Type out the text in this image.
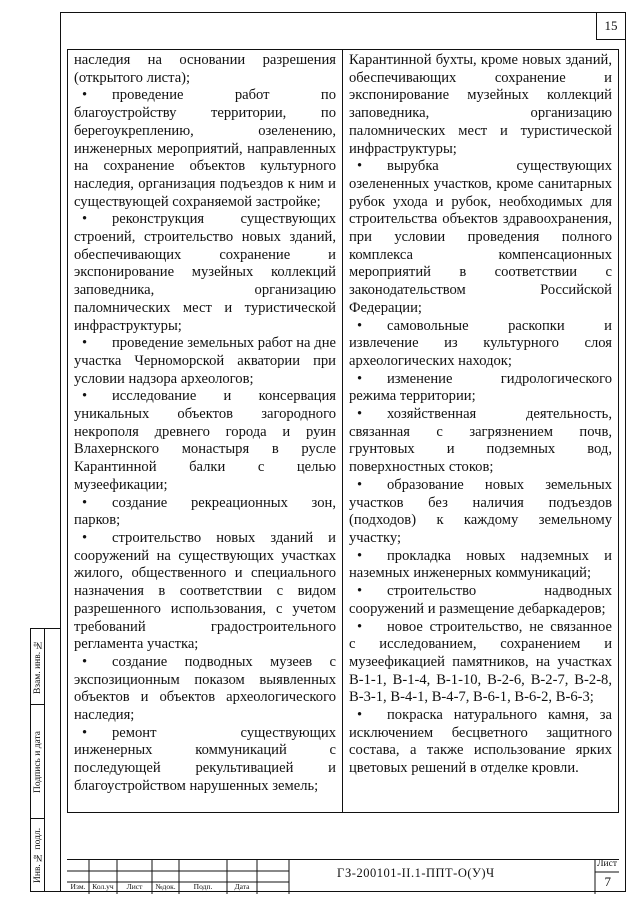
15

наследия на основании разрешения (открытого листа);

• проведение работ по благоустройству территории, по берегоукреплению, озеленению, инженерных мероприятий, направленных на сохранение объектов культурного наследия, организация подъездов к ним и существующей сохраняемой застройке;

• реконструкция существующих строений, строительство новых зданий, обеспечивающих сохранение и экспонирование музейных коллекций заповедника, организацию паломнических мест и туристической инфраструктуры;

• проведение земельных работ на дне участка Черноморской акватории при условии надзора археологов;

• исследование и консервация уникальных объектов загородного некрополя древнего города и руин Влахернского монастыря в русле Карантинной балки с целью музеефикации;

• создание рекреационных зон, парков;

• строительство новых зданий и сооружений на существующих участках жилого, общественного и специального назначения в соответствии с видом разрешенного использования, с учетом требований градостроительного регламента участка;

• создание подводных музеев с экспозиционным показом выявленных объектов и объектов археологического наследия;

• ремонт существующих инженерных коммуникаций с последующей рекультивацией и благоустройством нарушенных земель;

Карантинной бухты, кроме новых зданий, обеспечивающих сохранение и экспонирование музейных коллекций заповедника, организацию паломнических мест и туристической инфраструктуры;

• вырубка существующих озелененных участков, кроме санитарных рубок ухода и рубок, необходимых для строительства объектов здравоохранения, при условии проведения полного комплекса компенсационных мероприятий в соответствии с законодательством Российской Федерации;

• самовольные раскопки и извлечение из культурного слоя археологических находок;

• изменение гидрологического режима территории;

• хозяйственная деятельность, связанная с загрязнением почв, грунтовых и подземных вод, поверхностных стоков;

• образование новых земельных участков без наличия подъездов (подходов) к каждому земельному участку;

• прокладка новых надземных и наземных инженерных коммуникаций;

• строительство надводных сооружений и размещение дебаркадеров;

• новое строительство, не связанное с исследованием, сохранением и музеефикацией памятников, на участках В-1-1, В-1-4, В-1-10, В-2-6, В-2-7, В-2-8, В-3-1, В-4-1, В-4-7, В-6-1, В-6-2, В-6-3;

• покраска натурального камня, за исключением бесцветного защитного состава, а также использование ярких цветовых решений в отделке кровли.

Изм. Кол.уч	Лист	№док.	Подп.	Дата
ГЗ-200101-II.1-ППТ-О(У)Ч
Лист
7
Взам. инв. №
Подпись и дата
Инв. № подл.
